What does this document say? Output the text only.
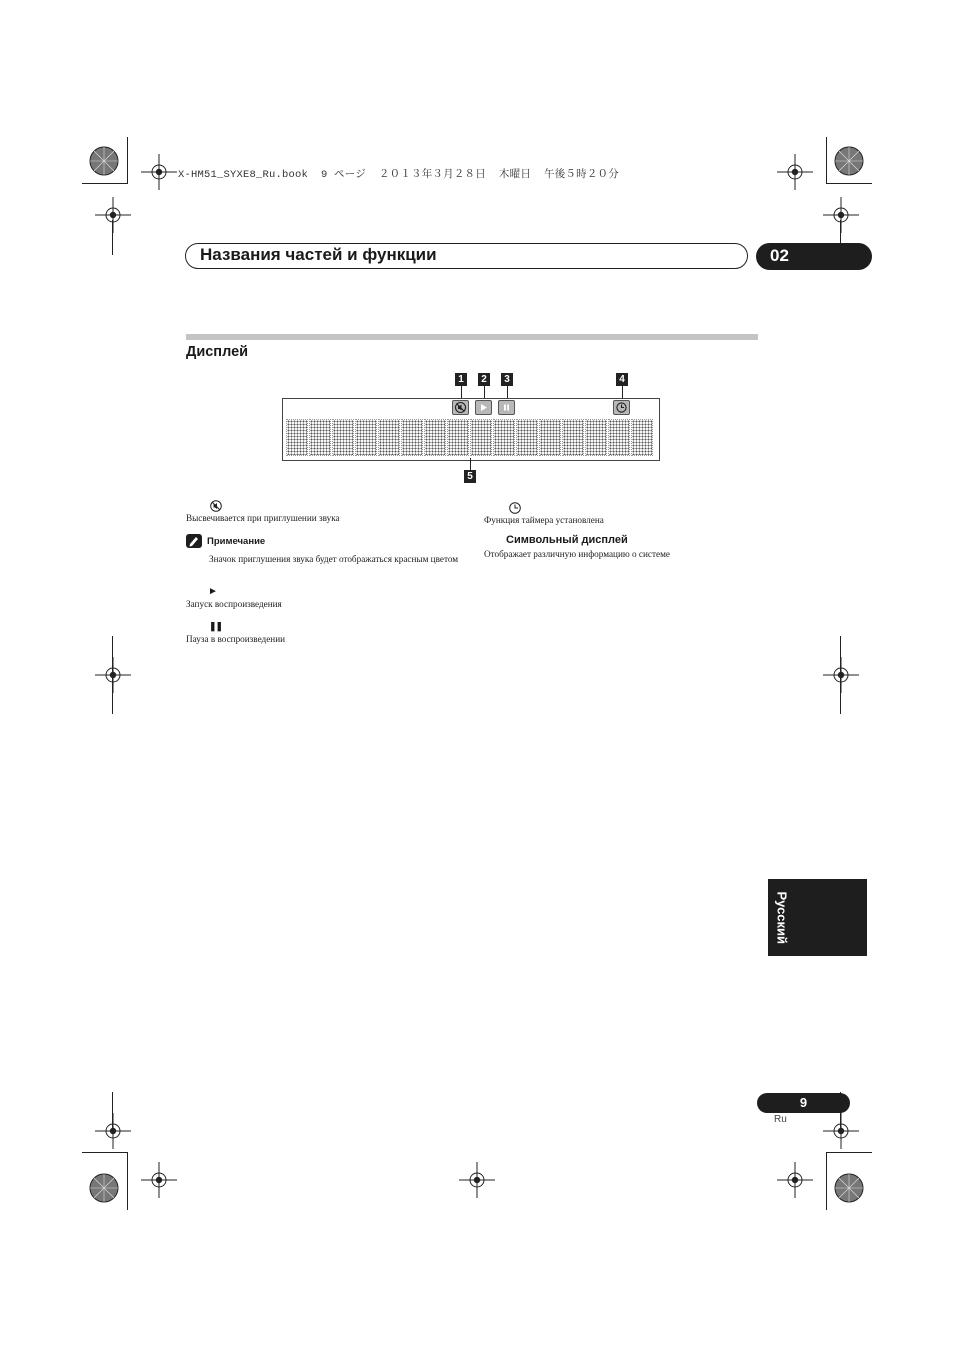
X-HM51_SYXE8_Ru.book  9 ページ  ２０１３年３月２８日  木曜日  午後５時２０分
Названия частей и функции	02
Дисплей
1	2	3	4
5
Высвечивается при приглушении звука
Примечание
Значок приглушения звука будет отображаться красным цветом
►
Запуск воспроизведения
❚❚
Пауза в воспроизведении
Функция таймера установлена
Символьный дисплей
Отображает различную информацию о системе
Русский
9
Ru
